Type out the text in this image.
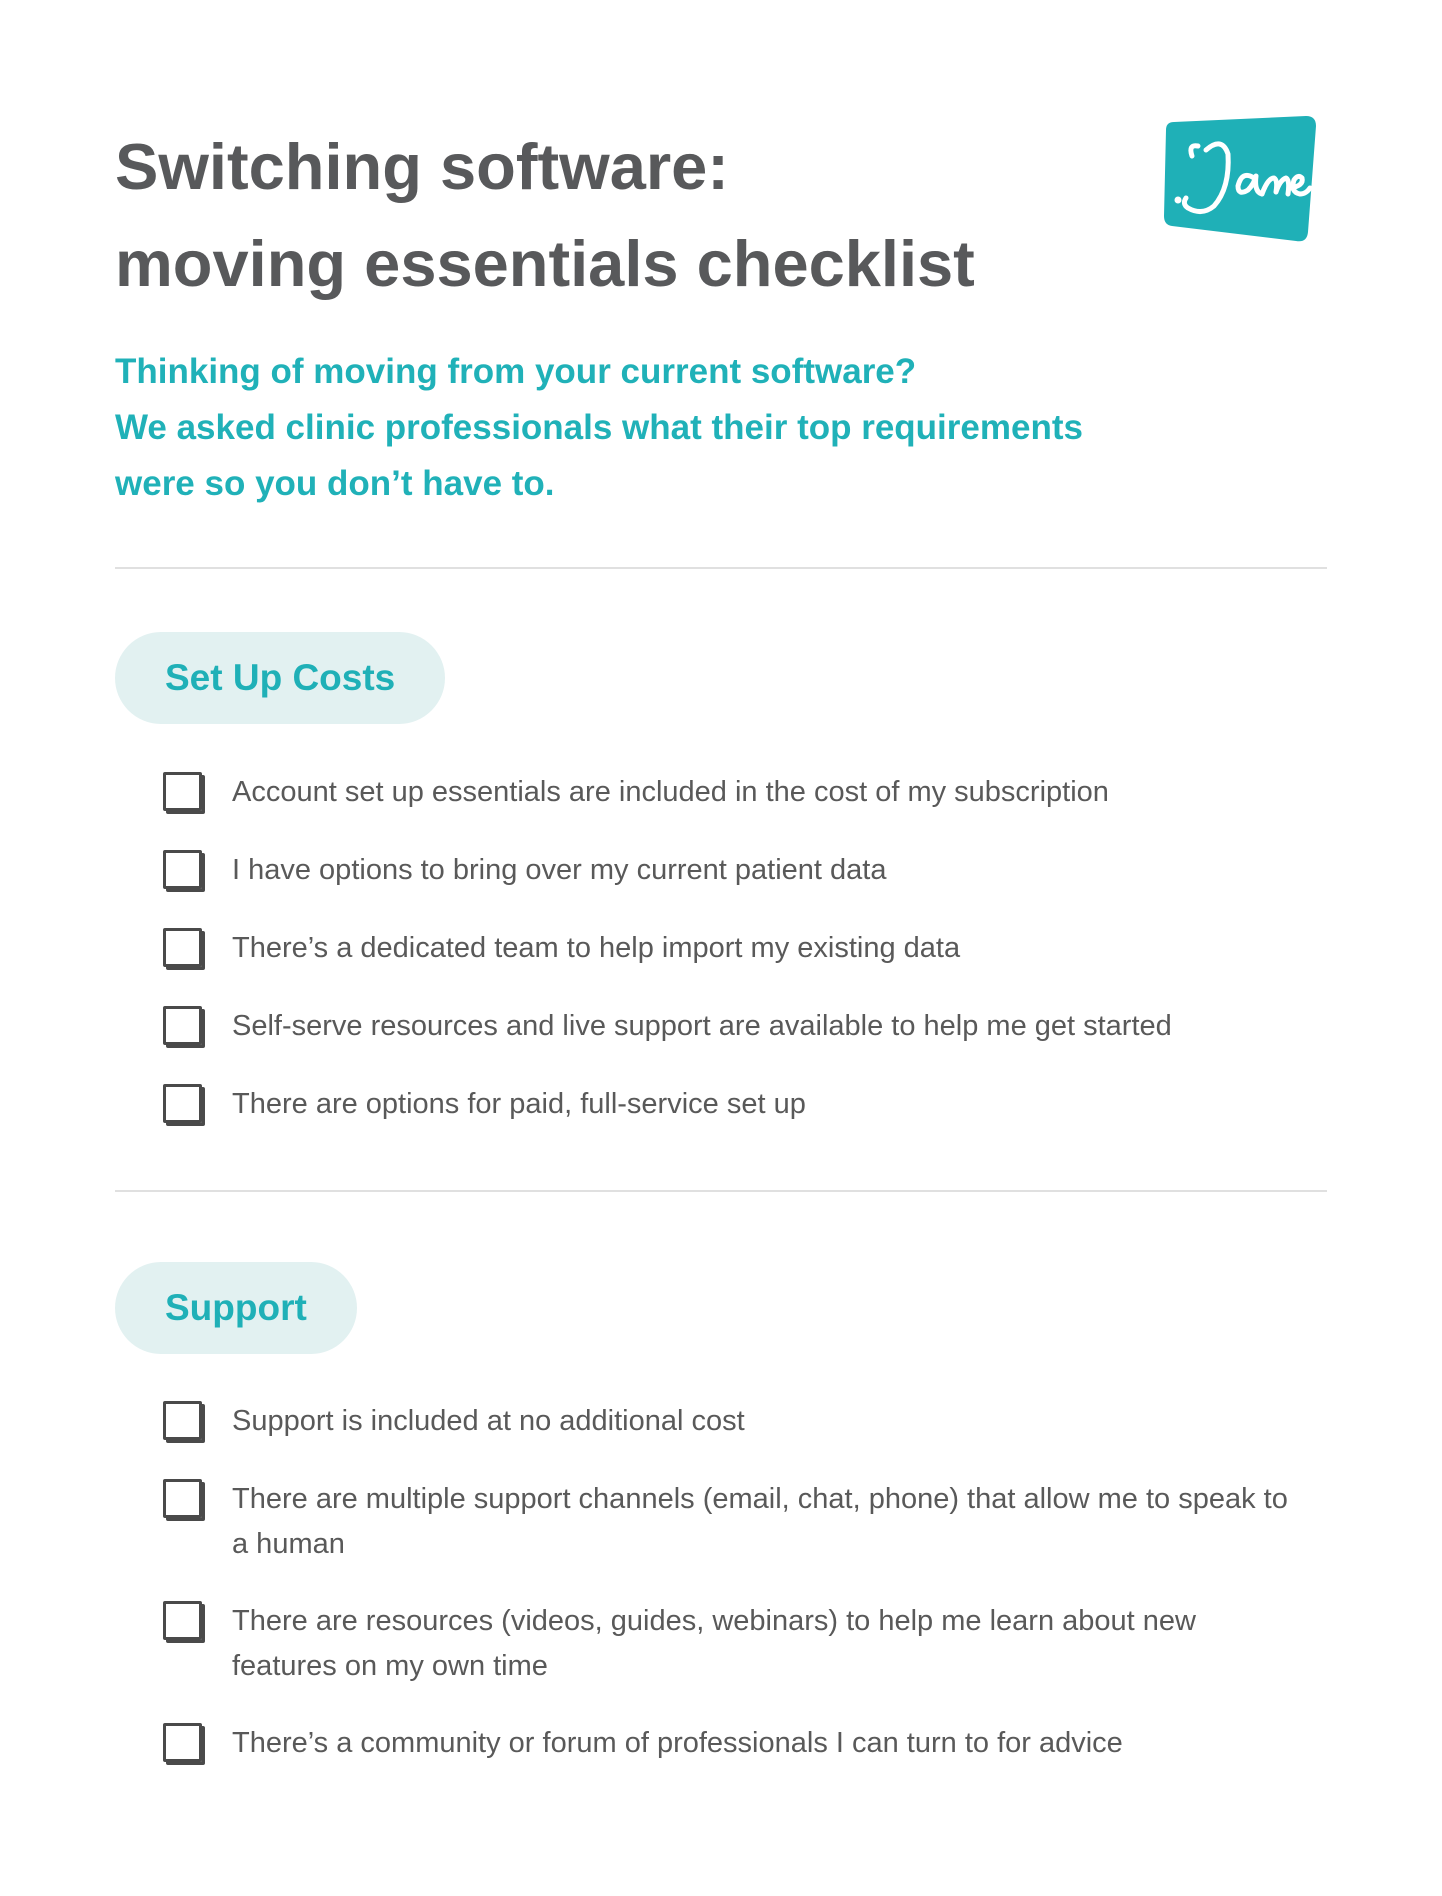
Switching software:
moving essentials checklist

Thinking of moving from your current software?
We asked clinic professionals what their top requirements
were so you don’t have to.

Set Up Costs
Account set up essentials are included in the cost of my subscription
I have options to bring over my current patient data
There’s a dedicated team to help import my existing data
Self-serve resources and live support are available to help me get started
There are options for paid, full-service set up
Support
Support is included at no additional cost
There are multiple support channels (email, chat, phone) that allow me to speak to a human
There are resources (videos, guides, webinars) to help me learn about new features on my own time
There’s a community or forum of professionals I can turn to for advice
